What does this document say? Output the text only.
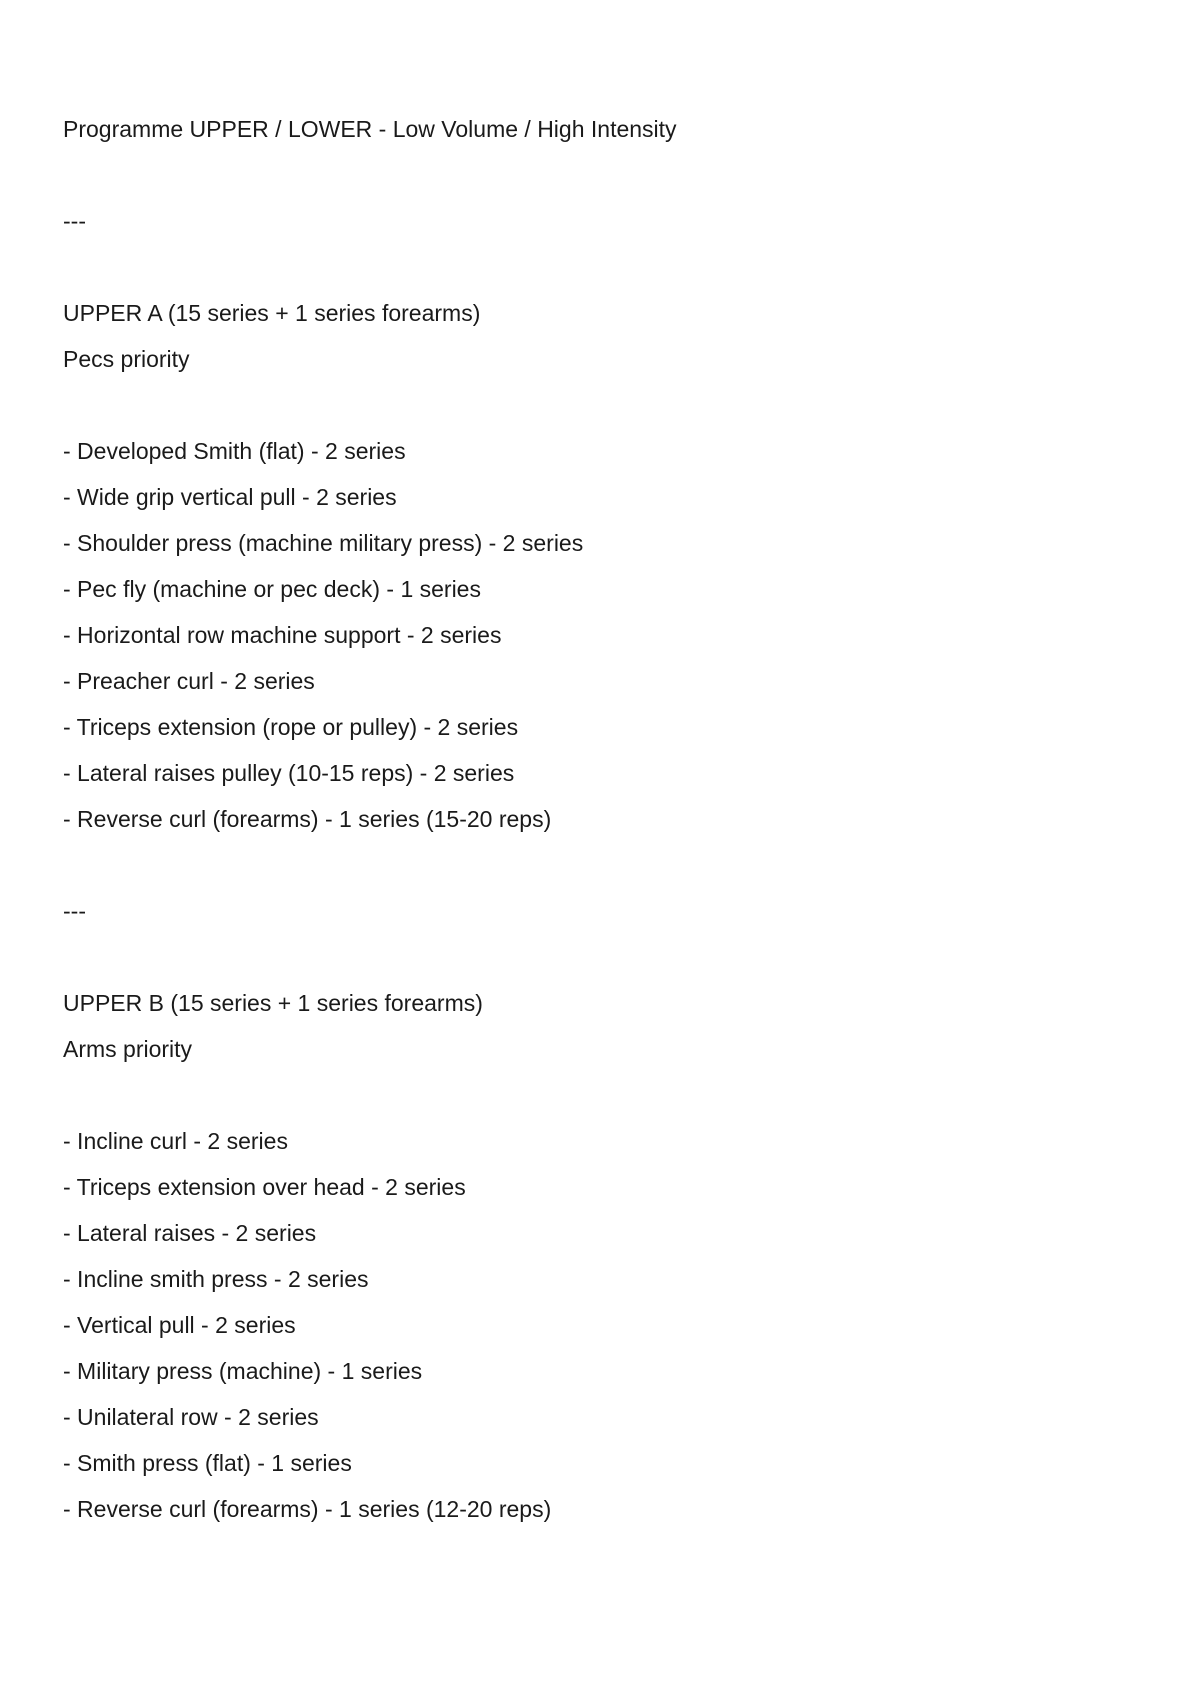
Programme UPPER / LOWER - Low Volume / High Intensity
---
UPPER A (15 series + 1 series forearms)
Pecs priority
- Developed Smith (flat) - 2 series
- Wide grip vertical pull - 2 series
- Shoulder press (machine military press) - 2 series
- Pec fly (machine or pec deck) - 1 series
- Horizontal row machine support - 2 series
- Preacher curl - 2 series
- Triceps extension (rope or pulley) - 2 series
- Lateral raises pulley (10-15 reps) - 2 series
- Reverse curl (forearms) - 1 series (15-20 reps)
---
UPPER B (15 series + 1 series forearms)
Arms priority
- Incline curl - 2 series
- Triceps extension over head - 2 series
- Lateral raises - 2 series
- Incline smith press - 2 series
- Vertical pull - 2 series
- Military press (machine) - 1 series
- Unilateral row - 2 series
- Smith press (flat) - 1 series
- Reverse curl (forearms) - 1 series (12-20 reps)
